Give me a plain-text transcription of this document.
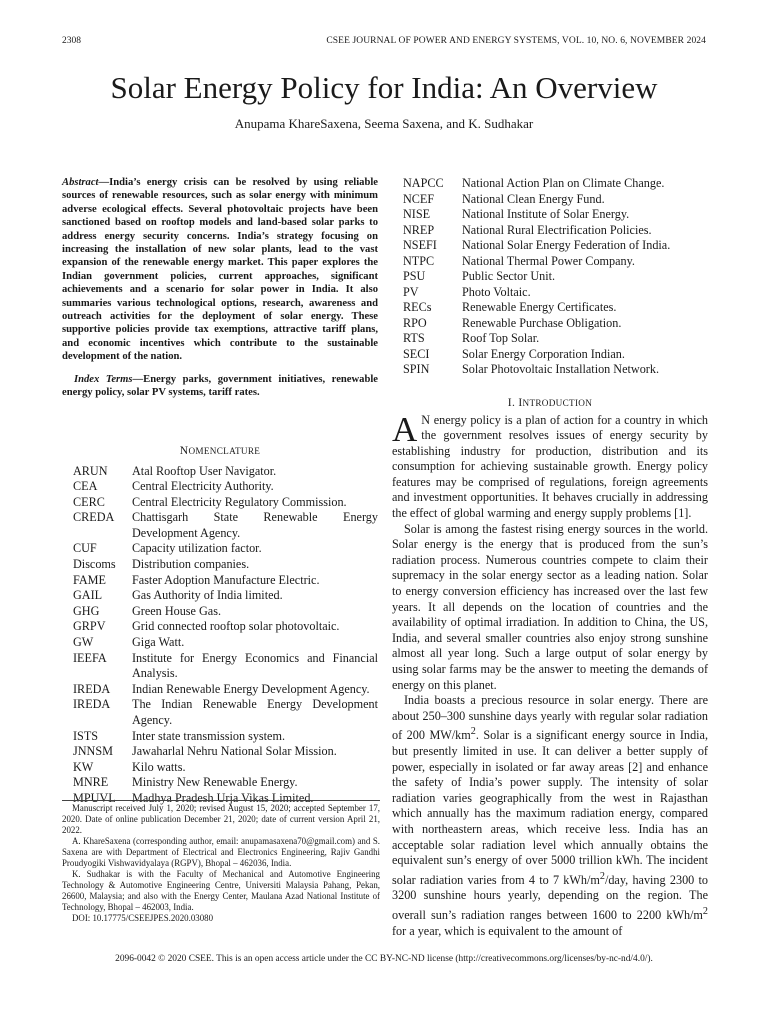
2308	CSEE JOURNAL OF POWER AND ENERGY SYSTEMS, VOL. 10, NO. 6, NOVEMBER 2024
Solar Energy Policy for India: An Overview
Anupama KhareSaxena, Seema Saxena, and K. Sudhakar

Abstract—India’s energy crisis can be resolved by using reliable sources of renewable resources, such as solar energy with minimum adverse ecological effects. Several photovoltaic projects have been sanctioned based on rooftop models and land-based solar parks to address energy security concerns. India’s strategy focusing on increasing the installation of new solar plants, lead to the vast expansion of the renewable energy market. This paper explores the Indian government policies, current approaches, significant achievements and a scenario for solar power in India. It also summaries various technological options, research, awareness and outreach activities for the deployment of solar energy. These supportive policies provide tax exemptions, attractive tariff plans, and economic incentives which contribute to the sustainable development of the nation.

Index Terms—Energy parks, government initiatives, renewable energy policy, solar PV systems, tariff rates.

NOMENCLATURE
ARUN	Atal Rooftop User Navigator.
CEA	Central Electricity Authority.
CERC	Central Electricity Regulatory Commission.
CREDA	Chattisgarh State Renewable Energy Development Agency.
CUF	Capacity utilization factor.
Discoms	Distribution companies.
FAME	Faster Adoption Manufacture Electric.
GAIL	Gas Authority of India limited.
GHG	Green House Gas.
GRPV	Grid connected rooftop solar photovoltaic.
GW	Giga Watt.
IEEFA	Institute for Energy Economics and Financial Analysis.
IREDA	Indian Renewable Energy Development Agency.
IREDA	The Indian Renewable Energy Development Agency.
ISTS	Inter state transmission system.
JNNSM	Jawaharlal Nehru National Solar Mission.
KW	Kilo watts.
MNRE	Ministry New Renewable Energy.
MPUVL	Madhya Pradesh Urja Vikas Limited.

Manuscript received July 1, 2020; revised August 15, 2020; accepted September 17, 2020. Date of online publication December 21, 2020; date of current version April 21, 2022.

A. KhareSaxena (corresponding author, email: anupamasaxena70@gmail.com) and S. Saxena are with Department of Electrical and Electronics Engineering, Rajiv Gandhi Proudyogiki Vishwavidyalaya (RGPV), Bhopal – 462036, India.

K. Sudhakar is with the Faculty of Mechanical and Automotive Engineering Technology & Automotive Engineering Centre, Universiti Malaysia Pahang, Pekan, 26600, Malaysia; and also with the Energy Center, Maulana Azad National Institute of Technology, Bhopal – 462003, India.

DOI: 10.17775/CSEEJPES.2020.03080

NAPCC	National Action Plan on Climate Change.
NCEF	National Clean Energy Fund.
NISE	National Institute of Solar Energy.
NREP	National Rural Electrification Policies.
NSEFI	National Solar Energy Federation of India.
NTPC	National Thermal Power Company.
PSU	Public Sector Unit.
PV	Photo Voltaic.
RECs	Renewable Energy Certificates.
RPO	Renewable Purchase Obligation.
RTS	Roof Top Solar.
SECI	Solar Energy Corporation Indian.
SPIN	Solar Photovoltaic Installation Network.
I. INTRODUCTION

A N energy policy is a plan of action for a country in which the government resolves issues of energy security by establishing industry for production, distribution and its consumption for achieving sustainable growth. Energy policy features may be comprised of regulations, foreign agreements and investment opportunities. It behaves crucially in addressing the effect of global warming and energy supply problems [1].

Solar is among the fastest rising energy sources in the world. Solar energy is the energy that is produced from the sun’s radiation process. Numerous countries compete to claim their supremacy in the solar energy sector as a leading nation. Solar to energy conversion efficiency has increased over the last few years. It all depends on the location of countries and the availability of optimal irradiation. In addition to China, the US, India, and several smaller countries also enjoy strong sunshine almost all year long. Such a large output of solar energy by using solar farms may be the answer to meeting the demands of energy on this planet.

India boasts a precious resource in solar energy. There are about 250–300 sunshine days yearly with regular solar radiation of 200 $MW/km^2$. Solar is a significant energy source in India, but presently limited in use. It can deliver a better supply of power, especially in isolated or far away areas [2] and enhance the safety of India’s power supply. The intensity of solar radiation varies geographically from the west in Rajasthan which annually has the maximum radiation energy, compared with northeastern areas, which receive less. India has an acceptable solar radiation level which annually obtains the equivalent sun’s energy of over 5000 trillion kWh. The incident solar radiation varies from 4 to 7 kWh/$m^2$/day, having 2300 to 3200 sunshine hours yearly, depending on the region. The overall sun’s radiation ranges between 1600 to 2200 kWh/$m^2$ for a year, which is equivalent to the amount of

2096-0042 © 2020 CSEE. This is an open access article under the CC BY-NC-ND license (http://creativecommons.org/licenses/by-nc-nd/4.0/).
